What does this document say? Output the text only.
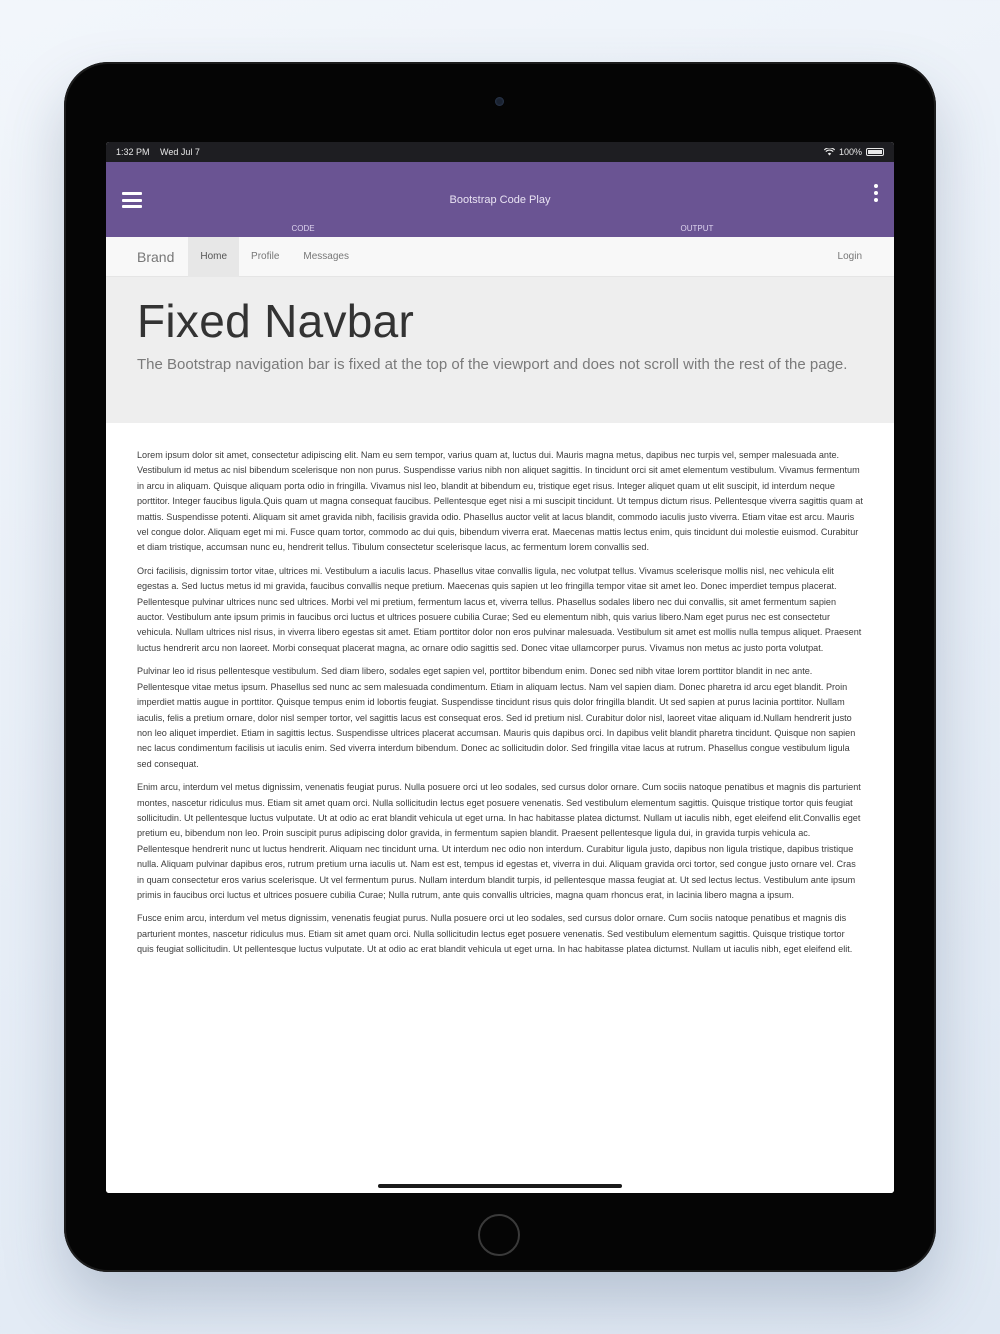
1:32 PM Wed Jul 7	100%
Bootstrap Code Play
CODE	OUTPUT
Brand	Home	Profile	Messages	Login
Fixed Navbar

The Bootstrap navigation bar is fixed at the top of the viewport and does not scroll with the rest of the page.

Lorem ipsum dolor sit amet, consectetur adipiscing elit. Nam eu sem tempor, varius quam at, luctus dui. Mauris magna metus, dapibus nec turpis vel, semper malesuada ante. Vestibulum id metus ac nisl bibendum scelerisque non non purus. Suspendisse varius nibh non aliquet sagittis. In tincidunt orci sit amet elementum vestibulum. Vivamus fermentum in arcu in aliquam. Quisque aliquam porta odio in fringilla. Vivamus nisl leo, blandit at bibendum eu, tristique eget risus. Integer aliquet quam ut elit suscipit, id interdum neque porttitor. Integer faucibus ligula.Quis quam ut magna consequat faucibus. Pellentesque eget nisi a mi suscipit tincidunt. Ut tempus dictum risus. Pellentesque viverra sagittis quam at mattis. Suspendisse potenti. Aliquam sit amet gravida nibh, facilisis gravida odio. Phasellus auctor velit at lacus blandit, commodo iaculis justo viverra. Etiam vitae est arcu. Mauris vel congue dolor. Aliquam eget mi mi. Fusce quam tortor, commodo ac dui quis, bibendum viverra erat. Maecenas mattis lectus enim, quis tincidunt dui molestie euismod. Curabitur et diam tristique, accumsan nunc eu, hendrerit tellus. Tibulum consectetur scelerisque lacus, ac fermentum lorem convallis sed.

Orci facilisis, dignissim tortor vitae, ultrices mi. Vestibulum a iaculis lacus. Phasellus vitae convallis ligula, nec volutpat tellus. Vivamus scelerisque mollis nisl, nec vehicula elit egestas a. Sed luctus metus id mi gravida, faucibus convallis neque pretium. Maecenas quis sapien ut leo fringilla tempor vitae sit amet leo. Donec imperdiet tempus placerat. Pellentesque pulvinar ultrices nunc sed ultrices. Morbi vel mi pretium, fermentum lacus et, viverra tellus. Phasellus sodales libero nec dui convallis, sit amet fermentum sapien auctor. Vestibulum ante ipsum primis in faucibus orci luctus et ultrices posuere cubilia Curae; Sed eu elementum nibh, quis varius libero.Nam eget purus nec est consectetur vehicula. Nullam ultrices nisl risus, in viverra libero egestas sit amet. Etiam porttitor dolor non eros pulvinar malesuada. Vestibulum sit amet est mollis nulla tempus aliquet. Praesent luctus hendrerit arcu non laoreet. Morbi consequat placerat magna, ac ornare odio sagittis sed. Donec vitae ullamcorper purus. Vivamus non metus ac justo porta volutpat.

Pulvinar leo id risus pellentesque vestibulum. Sed diam libero, sodales eget sapien vel, porttitor bibendum enim. Donec sed nibh vitae lorem porttitor blandit in nec ante. Pellentesque vitae metus ipsum. Phasellus sed nunc ac sem malesuada condimentum. Etiam in aliquam lectus. Nam vel sapien diam. Donec pharetra id arcu eget blandit. Proin imperdiet mattis augue in porttitor. Quisque tempus enim id lobortis feugiat. Suspendisse tincidunt risus quis dolor fringilla blandit. Ut sed sapien at purus lacinia porttitor. Nullam iaculis, felis a pretium ornare, dolor nisl semper tortor, vel sagittis lacus est consequat eros. Sed id pretium nisl. Curabitur dolor nisl, laoreet vitae aliquam id.Nullam hendrerit justo non leo aliquet imperdiet. Etiam in sagittis lectus. Suspendisse ultrices placerat accumsan. Mauris quis dapibus orci. In dapibus velit blandit pharetra tincidunt. Quisque non sapien nec lacus condimentum facilisis ut iaculis enim. Sed viverra interdum bibendum. Donec ac sollicitudin dolor. Sed fringilla vitae lacus at rutrum. Phasellus congue vestibulum ligula sed consequat.

Enim arcu, interdum vel metus dignissim, venenatis feugiat purus. Nulla posuere orci ut leo sodales, sed cursus dolor ornare. Cum sociis natoque penatibus et magnis dis parturient montes, nascetur ridiculus mus. Etiam sit amet quam orci. Nulla sollicitudin lectus eget posuere venenatis. Sed vestibulum elementum sagittis. Quisque tristique tortor quis feugiat sollicitudin. Ut pellentesque luctus vulputate. Ut at odio ac erat blandit vehicula ut eget urna. In hac habitasse platea dictumst. Nullam ut iaculis nibh, eget eleifend elit.Convallis eget pretium eu, bibendum non leo. Proin suscipit purus adipiscing dolor gravida, in fermentum sapien blandit. Praesent pellentesque ligula dui, in gravida turpis vehicula ac. Pellentesque hendrerit nunc ut luctus hendrerit. Aliquam nec tincidunt urna. Ut interdum nec odio non interdum. Curabitur ligula justo, dapibus non ligula tristique, dapibus tristique nulla. Aliquam pulvinar dapibus eros, rutrum pretium urna iaculis ut. Nam est est, tempus id egestas et, viverra in dui. Aliquam gravida orci tortor, sed congue justo ornare vel. Cras in quam consectetur eros varius scelerisque. Ut vel fermentum purus. Nullam interdum blandit turpis, id pellentesque massa feugiat at. Ut sed lectus lectus. Vestibulum ante ipsum primis in faucibus orci luctus et ultrices posuere cubilia Curae; Nulla rutrum, ante quis convallis ultricies, magna quam rhoncus erat, in lacinia libero magna a ipsum.

Fusce enim arcu, interdum vel metus dignissim, venenatis feugiat purus. Nulla posuere orci ut leo sodales, sed cursus dolor ornare. Cum sociis natoque penatibus et magnis dis parturient montes, nascetur ridiculus mus. Etiam sit amet quam orci. Nulla sollicitudin lectus eget posuere venenatis. Sed vestibulum elementum sagittis. Quisque tristique tortor quis feugiat sollicitudin. Ut pellentesque luctus vulputate. Ut at odio ac erat blandit vehicula ut eget urna. In hac habitasse platea dictumst. Nullam ut iaculis nibh, eget eleifend elit.
